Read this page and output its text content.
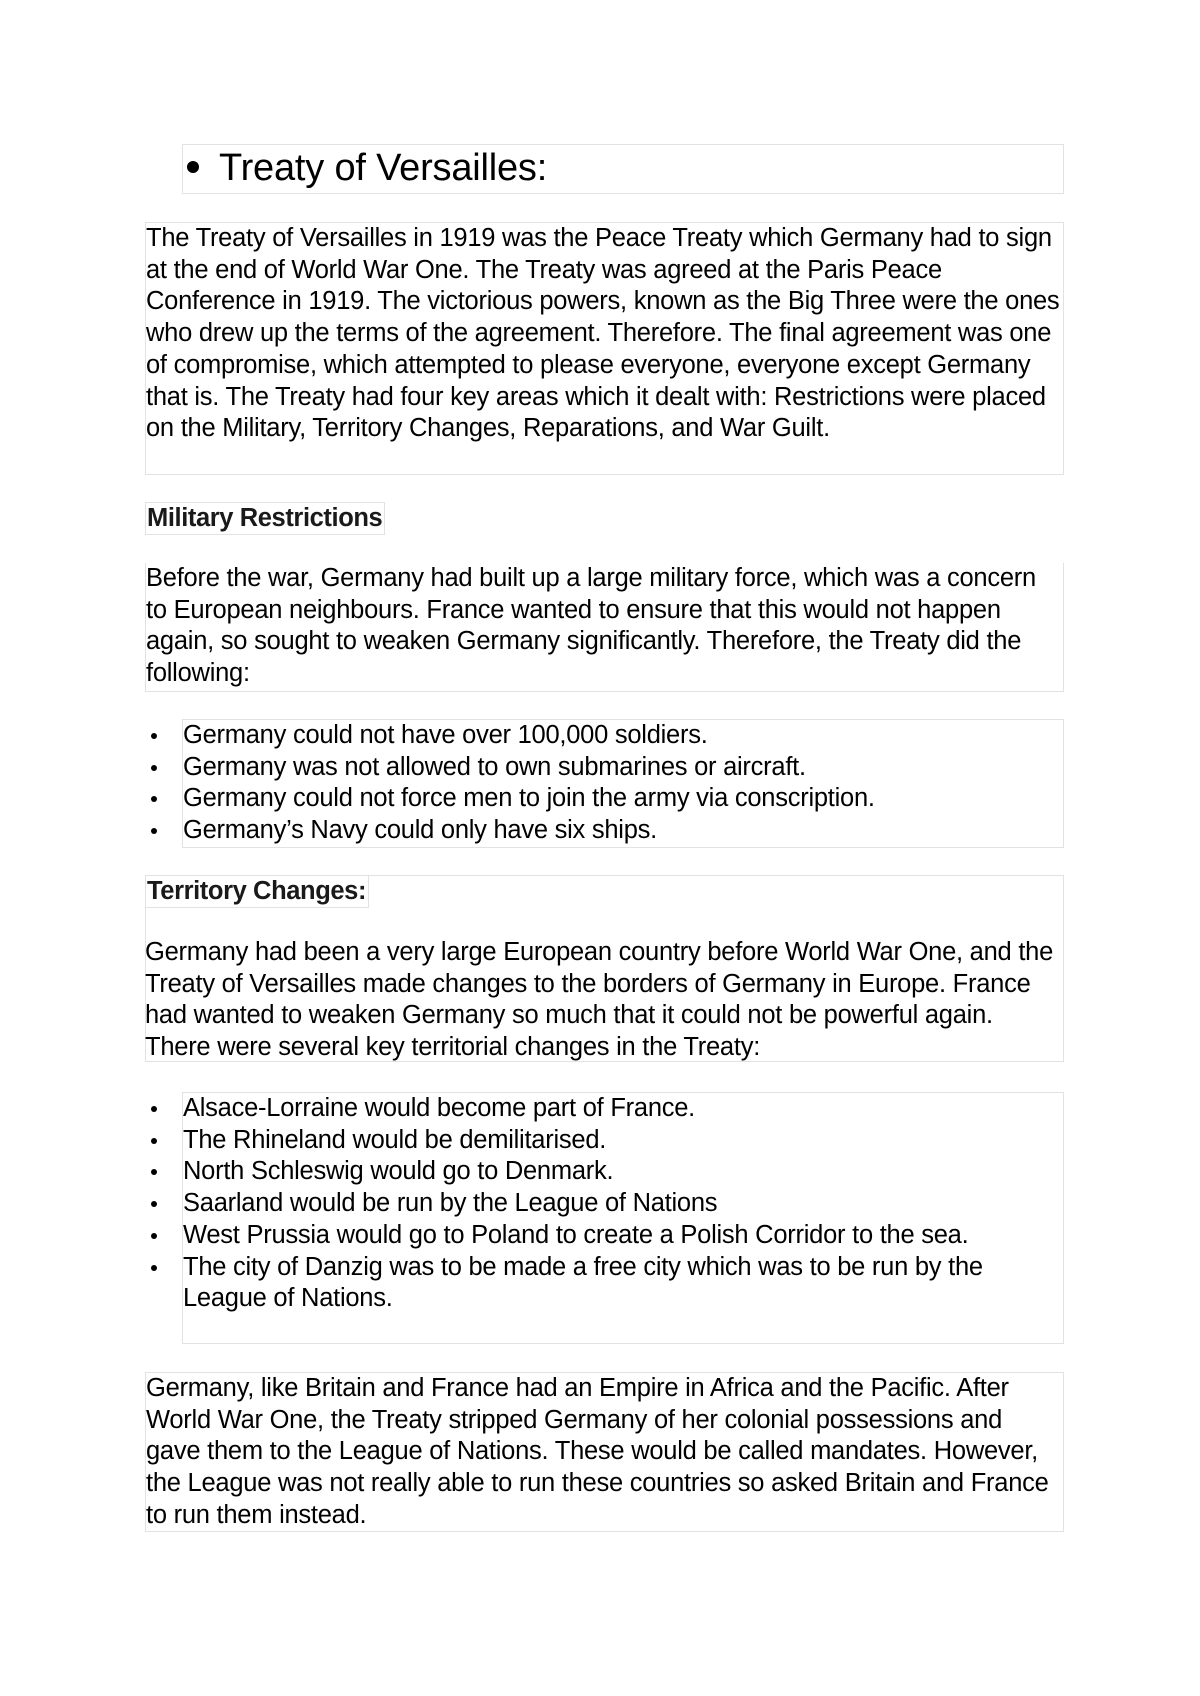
Treaty of Versailles:

The Treaty of Versailles in 1919 was the Peace Treaty which Germany had to sign at the end of World War One. The Treaty was agreed at the Paris Peace Conference in 1919. The victorious powers, known as the Big Three were the ones who drew up the terms of the agreement. Therefore. The final agreement was one of compromise, which attempted to please everyone, everyone except Germany that is. The Treaty had four key areas which it dealt with: Restrictions were placed on the Military, Territory Changes, Reparations, and War Guilt.

Military Restrictions

Before the war, Germany had built up a large military force, which was a concern to European neighbours. France wanted to ensure that this would not happen again, so sought to weaken Germany significantly. Therefore, the Treaty did the following:

Germany could not have over 100,000 soldiers.
Germany was not allowed to own submarines or aircraft.
Germany could not force men to join the army via conscription.
Germany’s Navy could only have six ships.
Territory Changes:

Germany had been a very large European country before World War One, and the Treaty of Versailles made changes to the borders of Germany in Europe. France had wanted to weaken Germany so much that it could not be powerful again. There were several key territorial changes in the Treaty:

Alsace-Lorraine would become part of France.
The Rhineland would be demilitarised.
North Schleswig would go to Denmark.
Saarland would be run by the League of Nations
West Prussia would go to Poland to create a Polish Corridor to the sea.
The city of Danzig was to be made a free city which was to be run by the League of Nations.

Germany, like Britain and France had an Empire in Africa and the Pacific. After World War One, the Treaty stripped Germany of her colonial possessions and gave them to the League of Nations. These would be called mandates. However, the League was not really able to run these countries so asked Britain and France to run them instead.
